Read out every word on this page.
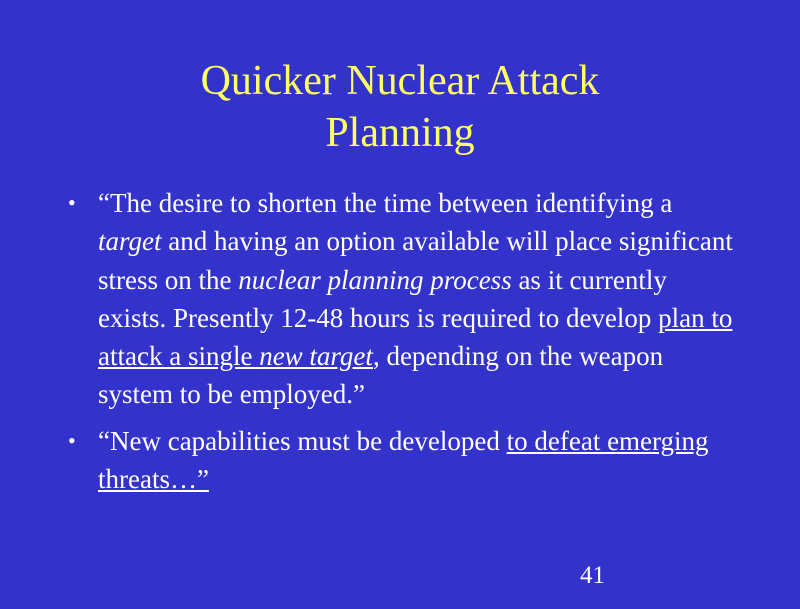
Quicker Nuclear Attack
Planning
• “The desire to shorten the time between identifying a target and having an option available will place significant stress on the nuclear planning process as it currently exists. Presently 12-48 hours is required to develop plan to attack a single new target, depending on the weapon system to be employed.”
• “New capabilities must be developed to defeat emerging threats…”
41
